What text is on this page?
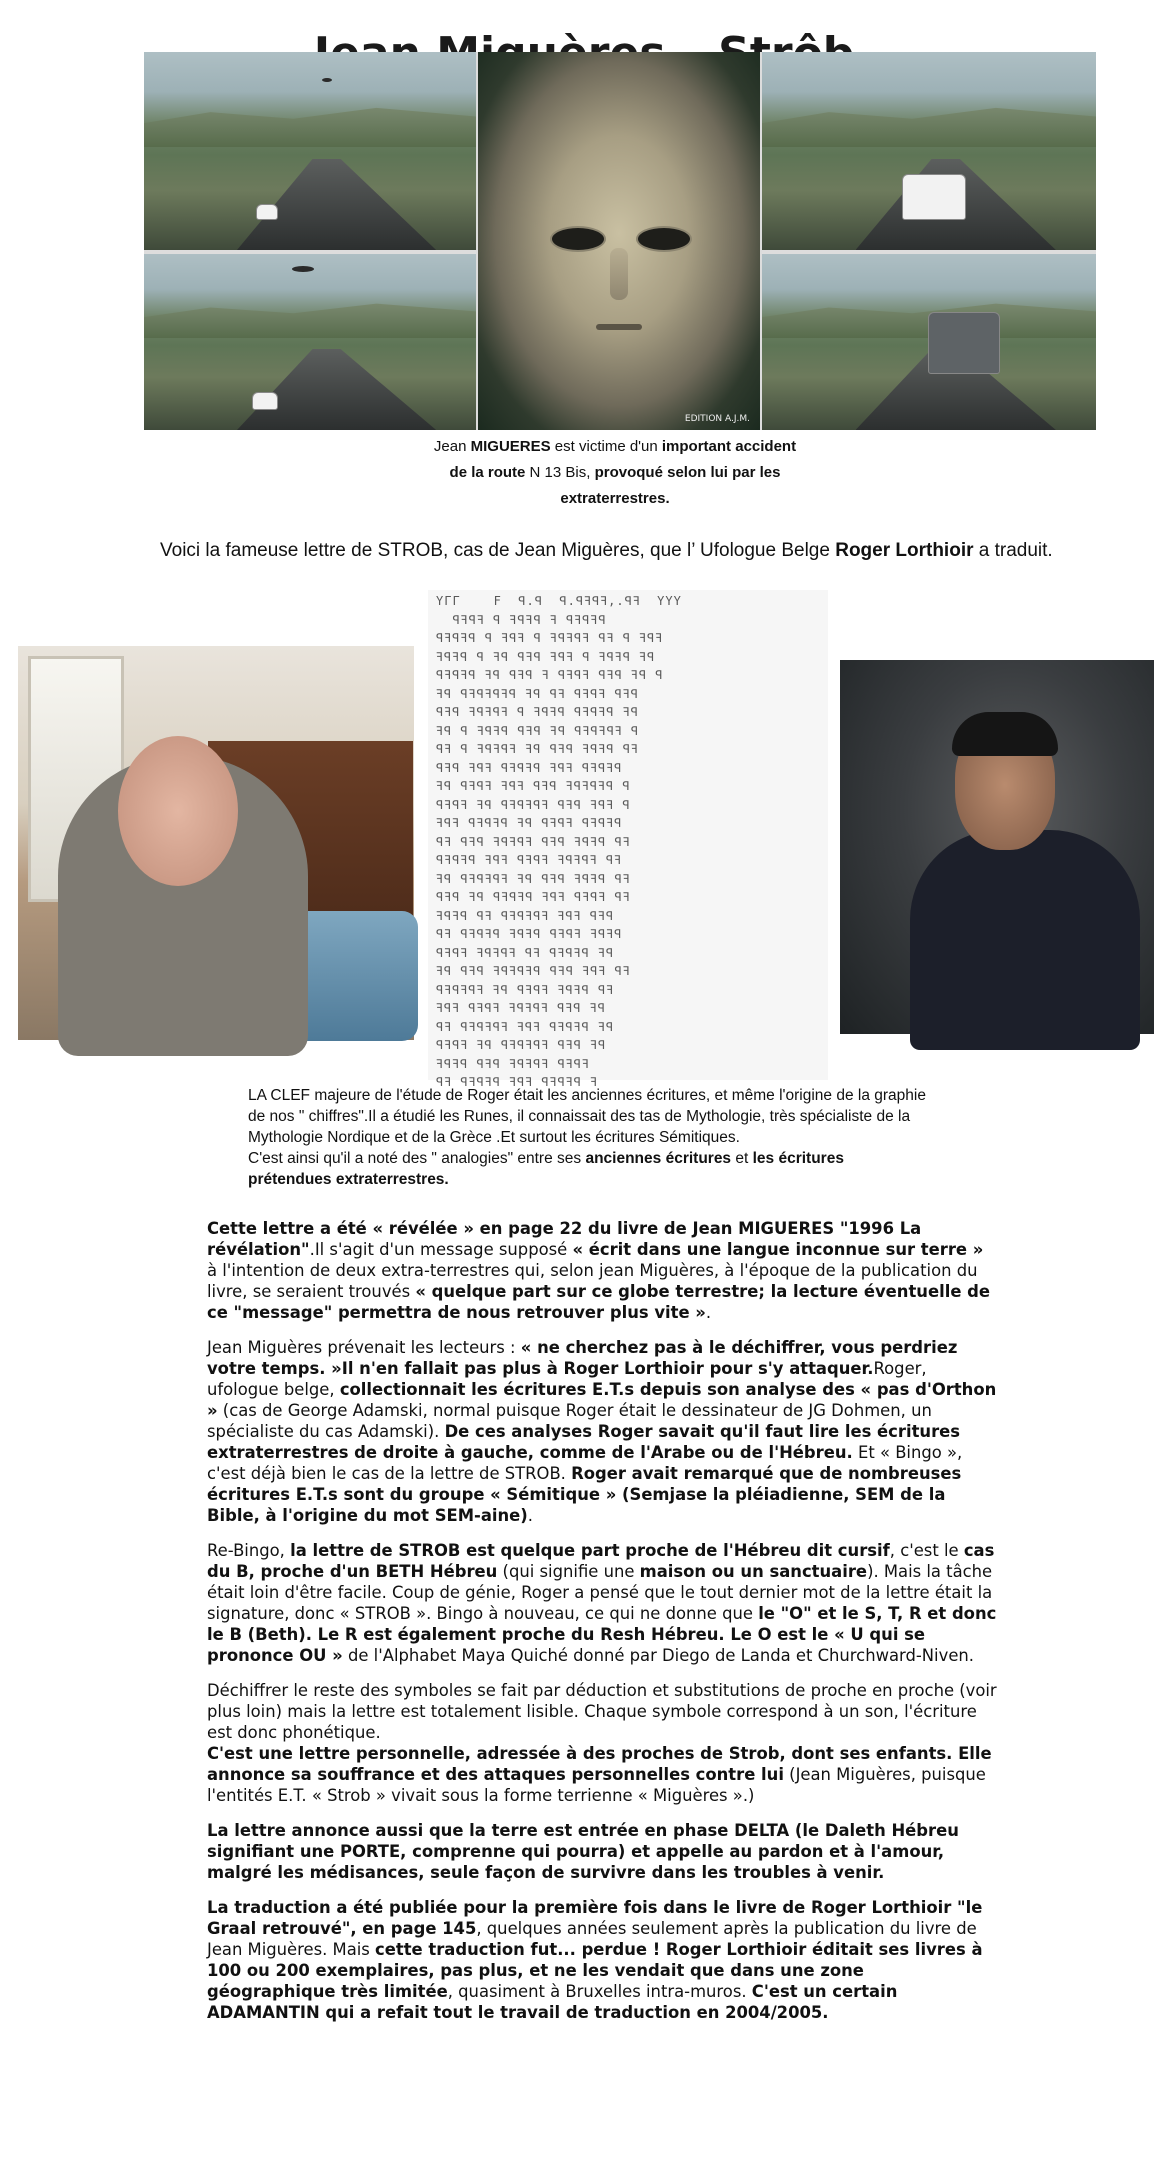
EDITION A.J.M.
Jean MIGUERES est victime d'un important accident
de la route N 13 Bis, provoqué selon lui par les
extraterrestres.
Voici la fameuse lettre de STROB, cas de Jean Miguères, que l’ Ufologue Belge Roger Lorthioir a traduit.
ΥΓΓ    F  ꟼ.ꟼ  ꟼ.ꟼꟻꟼꟻ,.ꟼꟻ  ΥΥΥ
ꟼꟻꟼꟻ ꟼ ꟻꟼꟻꟼ ꟻ ꟼꟻꟼꟻꟼ
ꟼꟻꟼꟻꟼ ꟼ ꟻꟼꟻ ꟼ ꟻꟼꟻꟼꟻ ꟼꟻ ꟼ ꟻꟼꟻ
ꟻꟼꟻꟼ ꟼ ꟻꟼ ꟼꟻꟼ ꟻꟼꟻ ꟼ ꟻꟼꟻꟼ ꟻꟼ
ꟼꟻꟼꟻꟼ ꟻꟼ ꟼꟻꟼ ꟻ ꟼꟻꟼꟻ ꟼꟻꟼ ꟻꟼ ꟼ
ꟻꟼ ꟼꟻꟼꟻꟼꟻꟼ ꟻꟼ ꟼꟻ ꟼꟻꟼꟻ ꟼꟻꟼ
ꟼꟻꟼ ꟻꟼꟻꟼꟻ ꟼ ꟻꟼꟻꟼ ꟼꟻꟼꟻꟼ ꟻꟼ
ꟻꟼ ꟼ ꟻꟼꟻꟼ ꟼꟻꟼ ꟻꟼ ꟼꟻꟼꟻꟼꟻ ꟼ
ꟼꟻ ꟼ ꟻꟼꟻꟼꟻ ꟻꟼ ꟼꟻꟼ ꟻꟼꟻꟼ ꟼꟻ
ꟼꟻꟼ ꟻꟼꟻ ꟼꟻꟼꟻꟼ ꟻꟼꟻ ꟼꟻꟼꟻꟼ
ꟻꟼ ꟼꟻꟼꟻ ꟻꟼꟻ ꟼꟻꟼ ꟻꟼꟻꟼꟻꟼ ꟼ
ꟼꟻꟼꟻ ꟻꟼ ꟼꟻꟼꟻꟼꟻ ꟼꟻꟼ ꟻꟼꟻ ꟼ
ꟻꟼꟻ ꟼꟻꟼꟻꟼ ꟻꟼ ꟼꟻꟼꟻ ꟼꟻꟼꟻꟼ
ꟼꟻ ꟼꟻꟼ ꟻꟼꟻꟼꟻ ꟼꟻꟼ ꟻꟼꟻꟼ ꟼꟻ
ꟼꟻꟼꟻꟼ ꟻꟼꟻ ꟼꟻꟼꟻ ꟻꟼꟻꟼꟻ ꟼꟻ
ꟻꟼ ꟼꟻꟼꟻꟼꟻ ꟻꟼ ꟼꟻꟼ ꟻꟼꟻꟼ ꟼꟻ
ꟼꟻꟼ ꟻꟼ ꟼꟻꟼꟻꟼ ꟻꟼꟻ ꟼꟻꟼꟻ ꟼꟻ
ꟻꟼꟻꟼ ꟼꟻ ꟼꟻꟼꟻꟼꟻ ꟻꟼꟻ ꟼꟻꟼ
ꟼꟻ ꟼꟻꟼꟻꟼ ꟻꟼꟻꟼ ꟼꟻꟼꟻ ꟻꟼꟻꟼ
ꟼꟻꟼꟻ ꟻꟼꟻꟼꟻ ꟼꟻ ꟼꟻꟼꟻꟼ ꟻꟼ
ꟻꟼ ꟼꟻꟼ ꟻꟼꟻꟼꟻꟼ ꟼꟻꟼ ꟻꟼꟻ ꟼꟻ
ꟼꟻꟼꟻꟼꟻ ꟻꟼ ꟼꟻꟼꟻ ꟻꟼꟻꟼ ꟼꟻ
ꟻꟼꟻ ꟼꟻꟼꟻ ꟻꟼꟻꟼꟻ ꟼꟻꟼ ꟻꟼ
ꟼꟻ ꟼꟻꟼꟻꟼꟻ ꟻꟼꟻ ꟼꟻꟼꟻꟼ ꟻꟼ
ꟼꟻꟼꟻ ꟻꟼ ꟼꟻꟼꟻꟼꟻ ꟼꟻꟼ ꟻꟼ
ꟻꟼꟻꟼ ꟼꟻꟼ ꟻꟼꟻꟼꟻ ꟼꟻꟼꟻ
ꟼꟻ ꟼꟻꟼꟻꟼ ꟻꟼꟻ ꟼꟻꟼꟻꟼ ꟻ
LA CLEF majeure de l'étude de Roger était les anciennes écritures, et même l'origine de la graphie
de nos " chiffres".Il a étudié les Runes, il connaissait des tas de Mythologie, très spécialiste de la
Mythologie Nordique et de la Grèce .Et surtout les écritures Sémitiques.
C'est ainsi qu'il a noté des " analogies" entre ses anciennes écritures et les écritures
prétendues extraterrestres.

Cette lettre a été « révélée » en page 22 du livre de Jean MIGUERES "1996 La révélation".Il s'agit d'un message supposé « écrit dans une langue inconnue sur terre » à l'intention de deux extra-terrestres qui, selon jean Miguères, à l'époque de la publication du livre, se seraient trouvés « quelque part sur ce globe terrestre; la lecture éventuelle de ce "message" permettra de nous retrouver plus vite ».

Jean Miguères prévenait les lecteurs : « ne cherchez pas à le déchiffrer, vous perdriez votre temps. »Il n'en fallait pas plus à Roger Lorthioir pour s'y attaquer.Roger, ufologue belge, collectionnait les écritures E.T.s depuis son analyse des « pas d'Orthon » (cas de George Adamski, normal puisque Roger était le dessinateur de JG Dohmen, un spécialiste du cas Adamski). De ces analyses Roger savait qu'il faut lire les écritures extraterrestres de droite à gauche, comme de l'Arabe ou de l'Hébreu. Et « Bingo », c'est déjà bien le cas de la lettre de STROB. Roger avait remarqué que de nombreuses écritures E.T.s sont du groupe « Sémitique » (Semjase la pléiadienne, SEM de la Bible, à l'origine du mot SEM-aine).

Re-Bingo, la lettre de STROB est quelque part proche de l'Hébreu dit cursif, c'est le cas du B, proche d'un BETH Hébreu (qui signifie une maison ou un sanctuaire). Mais la tâche était loin d'être facile. Coup de génie, Roger a pensé que le tout dernier mot de la lettre était la signature, donc « STROB ». Bingo à nouveau, ce qui ne donne que le "O" et le S, T, R et donc le B (Beth). Le R est également proche du Resh Hébreu. Le O est le « U qui se prononce OU » de l'Alphabet Maya Quiché donné par Diego de Landa et Churchward-Niven.

Déchiffrer le reste des symboles se fait par déduction et substitutions de proche en proche (voir plus loin) mais la lettre est totalement lisible. Chaque symbole correspond à un son, l'écriture est donc phonétique.
C'est une lettre personnelle, adressée à des proches de Strob, dont ses enfants. Elle annonce sa souffrance et des attaques personnelles contre lui (Jean Miguères, puisque l'entités E.T. « Strob » vivait sous la forme terrienne « Miguères ».)

La lettre annonce aussi que la terre est entrée en phase DELTA (le Daleth Hébreu signifiant une PORTE, comprenne qui pourra) et appelle au pardon et à l'amour, malgré les médisances, seule façon de survivre dans les troubles à venir.

La traduction a été publiée pour la première fois dans le livre de Roger Lorthioir "le Graal retrouvé", en page 145, quelques années seulement après la publication du livre de Jean Miguères. Mais cette traduction fut... perdue ! Roger Lorthioir éditait ses livres à 100 ou 200 exemplaires, pas plus, et ne les vendait que dans une zone géographique très limitée, quasiment à Bruxelles intra-muros. C'est un certain ADAMANTIN qui a refait tout le travail de traduction en 2004/2005.
